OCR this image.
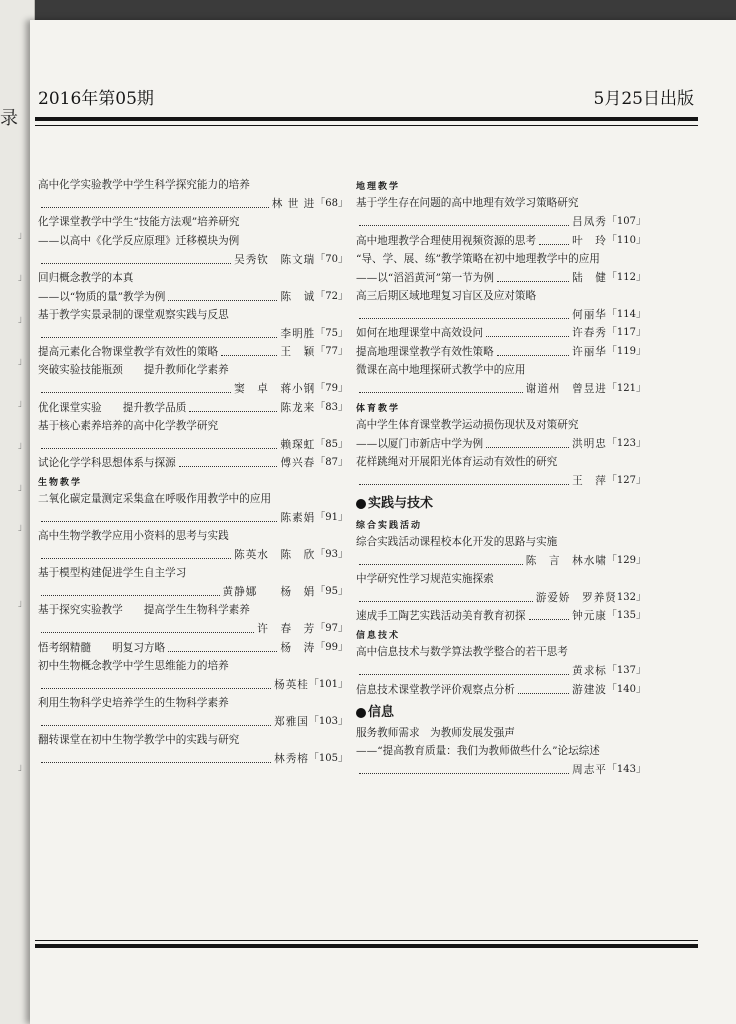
录
」
」
」
」
」
」
」
」
」
」
2016年第05期	5月25日出版
高中化学实验教学中学生科学探究能力的培养
林 世 进 「68」
化学课堂教学中学生“技能方法观”培养研究
——以高中《化学反应原理》迁移模块为例
吴秀钦　陈文瑞 「70」
回归概念教学的本真
——以“物质的量”教学为例	陈　诚 「72」
基于教学实景录制的课堂观察实践与反思
李明胜 「75」
提高元素化合物课堂教学有效性的策略	王　颖 「77」
突破实验技能瓶颈　　提升教师化学素养
窦　卓　蒋小钢 「79」
优化课堂实验　　提升教学品质	陈龙来 「83」
基于核心素养培养的高中化学教学研究
赖琛虹 「85」
试论化学学科思想体系与探源	傅兴春 「87」
生物教学
二氧化碳定量测定采集盒在呼吸作用教学中的应用
陈素娟 「91」
高中生物学教学应用小资料的思考与实践
陈英水　陈　欣 「93」
基于模型构建促进学生自主学习
黄静娜　　杨　娟 「95」
基于探究实验教学　　提高学生生物科学素养
许　春　芳 「97」
悟考纲精髓　　明复习方略	杨　涛 「99」
初中生物概念教学中学生思维能力的培养
杨英桂 「101」
利用生物科学史培养学生的生物科学素养
郑雅国 「103」
翻转课堂在初中生物学教学中的实践与研究
林秀榕 「105」
地理教学
基于学生存在问题的高中地理有效学习策略研究
吕凤秀 「107」
高中地理教学合理使用视频资源的思考	叶　玲 「110」
“导、学、展、练”教学策略在初中地理教学中的应用
——以“滔滔黄河”第一节为例	陆　健 「112」
高三后期区域地理复习盲区及应对策略
何丽华 「114」
如何在地理课堂中高效设问	许春秀 「117」
提高地理课堂教学有效性策略	许丽华 「119」
微课在高中地理探研式教学中的应用
谢道州　曾昱进 「121」
体育教学
高中学生体育课堂教学运动损伤现状及对策研究
——以厦门市新店中学为例	洪明忠 「123」
花样跳绳对开展阳光体育运动有效性的研究
王　萍 「127」
实践与技术
综合实践活动
综合实践活动课程校本化开发的思路与实施
陈　言　林水啸 「129」
中学研究性学习规范实施探索
游爱娇　罗养贤 132」
速成手工陶艺实践活动美育教育初探	钟元康 「135」
信息技术
高中信息技术与数学算法教学整合的若干思考
黄求标 「137」
信息技术课堂教学评价观察点分析	游建波 「140」
信息
服务教师需求　为教师发展发强声
——“提高教育质量：我们为教师做些什么”论坛综述
周志平 「143」
